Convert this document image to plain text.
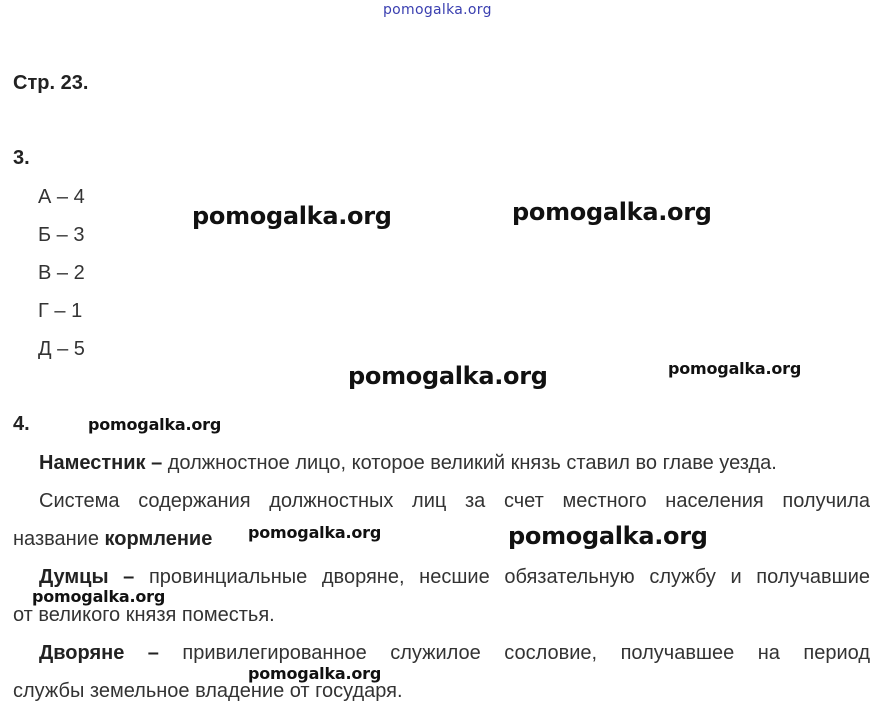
pomogalka.org
Стр. 23.
3.
А – 4
Б – 3
В – 2
Г – 1
Д – 5
4.
Наместник – должностное лицо, которое великий князь ставил во главе уезда.
Система содержания должностных лиц за счет местного населения получила
название кормление
Думцы – провинциальные дворяне, несшие обязательную службу и получавшие
от великого князя поместья.
Дворяне – привилегированное служилое сословие, получавшее на период
службы земельное владение от государя.
pomogalka.org	pomogalka.org
pomogalka.org	pomogalka.org
pomogalka.org
pomogalka.org	pomogalka.org
pomogalka.org
pomogalka.org
